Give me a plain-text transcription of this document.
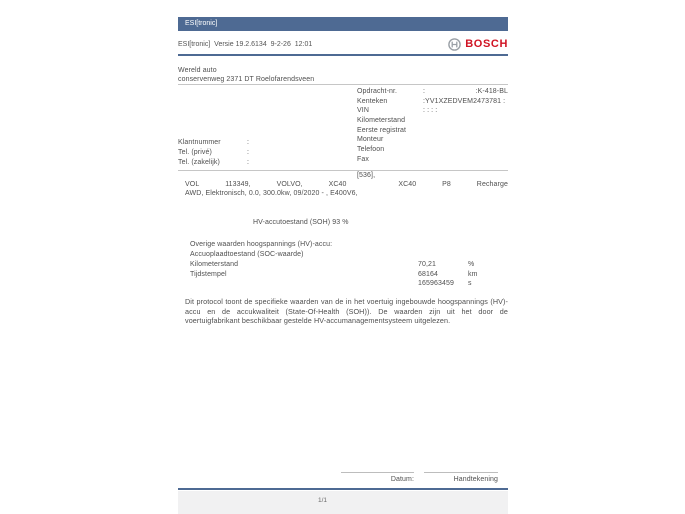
ESI[tronic]
ESI[tronic]  Versie 19.2.6134  9-2-26  12:01	BOSCH
Wereld auto
conservenweg 2371 DT Roelofarendsveen
Opdracht-nr.	:	:K-418-BL
Kenteken	:YV1XZEDVEM2473781 :
VIN	: : : :
Kilometerstand
Eerste registrat
Monteur
Telefoon
Fax
Klantnummer	:
Tel. (privé)	:
Tel. (zakelijk)	:
[536],
VOL	113349,	VOLVO,	XC40	XC40	P8	Recharge
AWD, Elektronisch, 0.0, 300.0kw, 09/2020 - , E400V6,
HV-accutoestand (SOH) 93 %
Overige waarden hoogspannings (HV)-accu:
Accuoplaadtoestand (SOC-waarde)
Kilometerstand	70,21	%
Tijdstempel	68164	km
165963459	s
Dit protocol toont de specifieke waarden van de in het voertuig ingebouwde hoogspannings (HV)-accu en de accukwaliteit (State-Of-Health (SOH)). De waarden zijn uit het door de voertuigfabrikant beschikbaar gestelde HV-accumanagementsysteem uitgelezen.
Datum:	Handtekening
1/1
